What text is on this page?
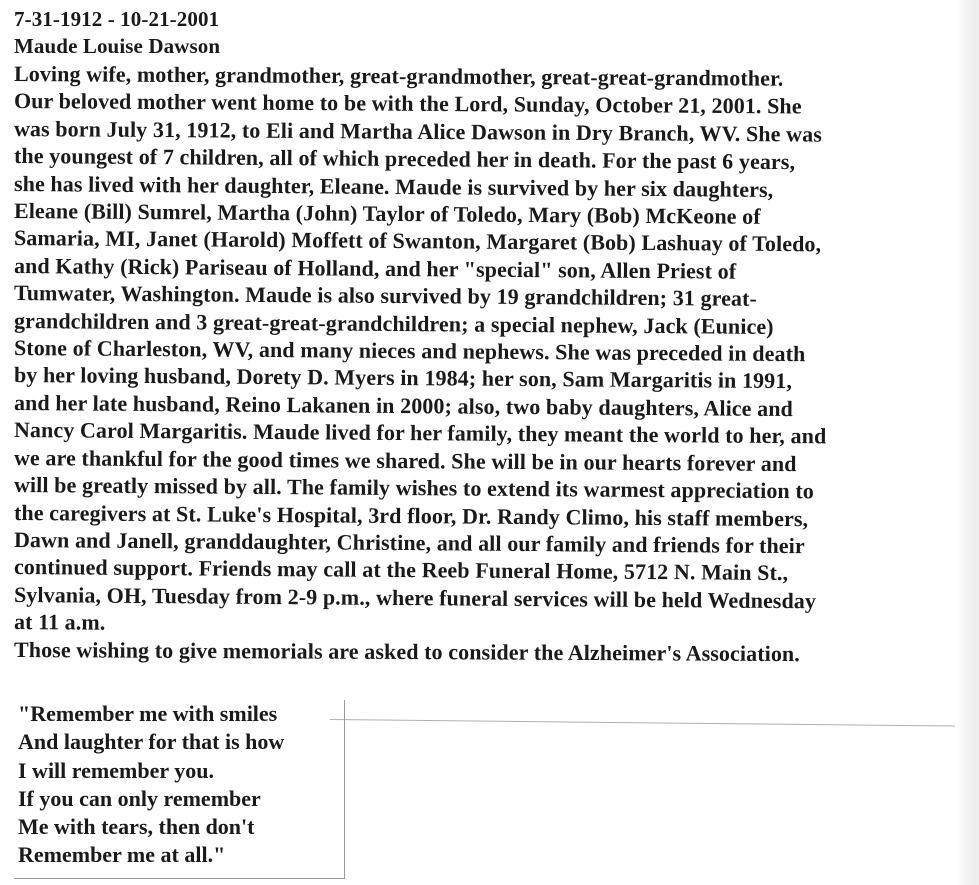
7-31-1912 - 10-21-2001
Maude Louise Dawson
Loving wife, mother, grandmother, great-grandmother, great-great-grandmother.
Our beloved mother went home to be with the Lord, Sunday, October 21, 2001. She
was born July 31, 1912, to Eli and Martha Alice Dawson in Dry Branch, WV. She was
the youngest of 7 children, all of which preceded her in death. For the past 6 years,
she has lived with her daughter, Eleane. Maude is survived by her six daughters,
Eleane (Bill) Sumrel, Martha (John) Taylor of Toledo, Mary (Bob) McKeone of
Samaria, MI, Janet (Harold) Moffett of Swanton, Margaret (Bob) Lashuay of Toledo,
and Kathy (Rick) Pariseau of Holland, and her "special" son, Allen Priest of
Tumwater, Washington. Maude is also survived by 19 grandchildren; 31 great-
grandchildren and 3 great-great-grandchildren; a special nephew, Jack (Eunice)
Stone of Charleston, WV, and many nieces and nephews. She was preceded in death
by her loving husband, Dorety D. Myers in 1984; her son, Sam Margaritis in 1991,
and her late husband, Reino Lakanen in 2000; also, two baby daughters, Alice and
Nancy Carol Margaritis. Maude lived for her family, they meant the world to her, and
we are thankful for the good times we shared. She will be in our hearts forever and
will be greatly missed by all. The family wishes to extend its warmest appreciation to
the caregivers at St. Luke's Hospital, 3rd floor, Dr. Randy Climo, his staff members,
Dawn and Janell, granddaughter, Christine, and all our family and friends for their
continued support. Friends may call at the Reeb Funeral Home, 5712 N. Main St.,
Sylvania, OH, Tuesday from 2-9 p.m., where funeral services will be held Wednesday
at 11 a.m.
Those wishing to give memorials are asked to consider the Alzheimer's Association.
"Remember me with smiles
And laughter for that is how
I will remember you.
If you can only remember
Me with tears, then don't
Remember me at all."
